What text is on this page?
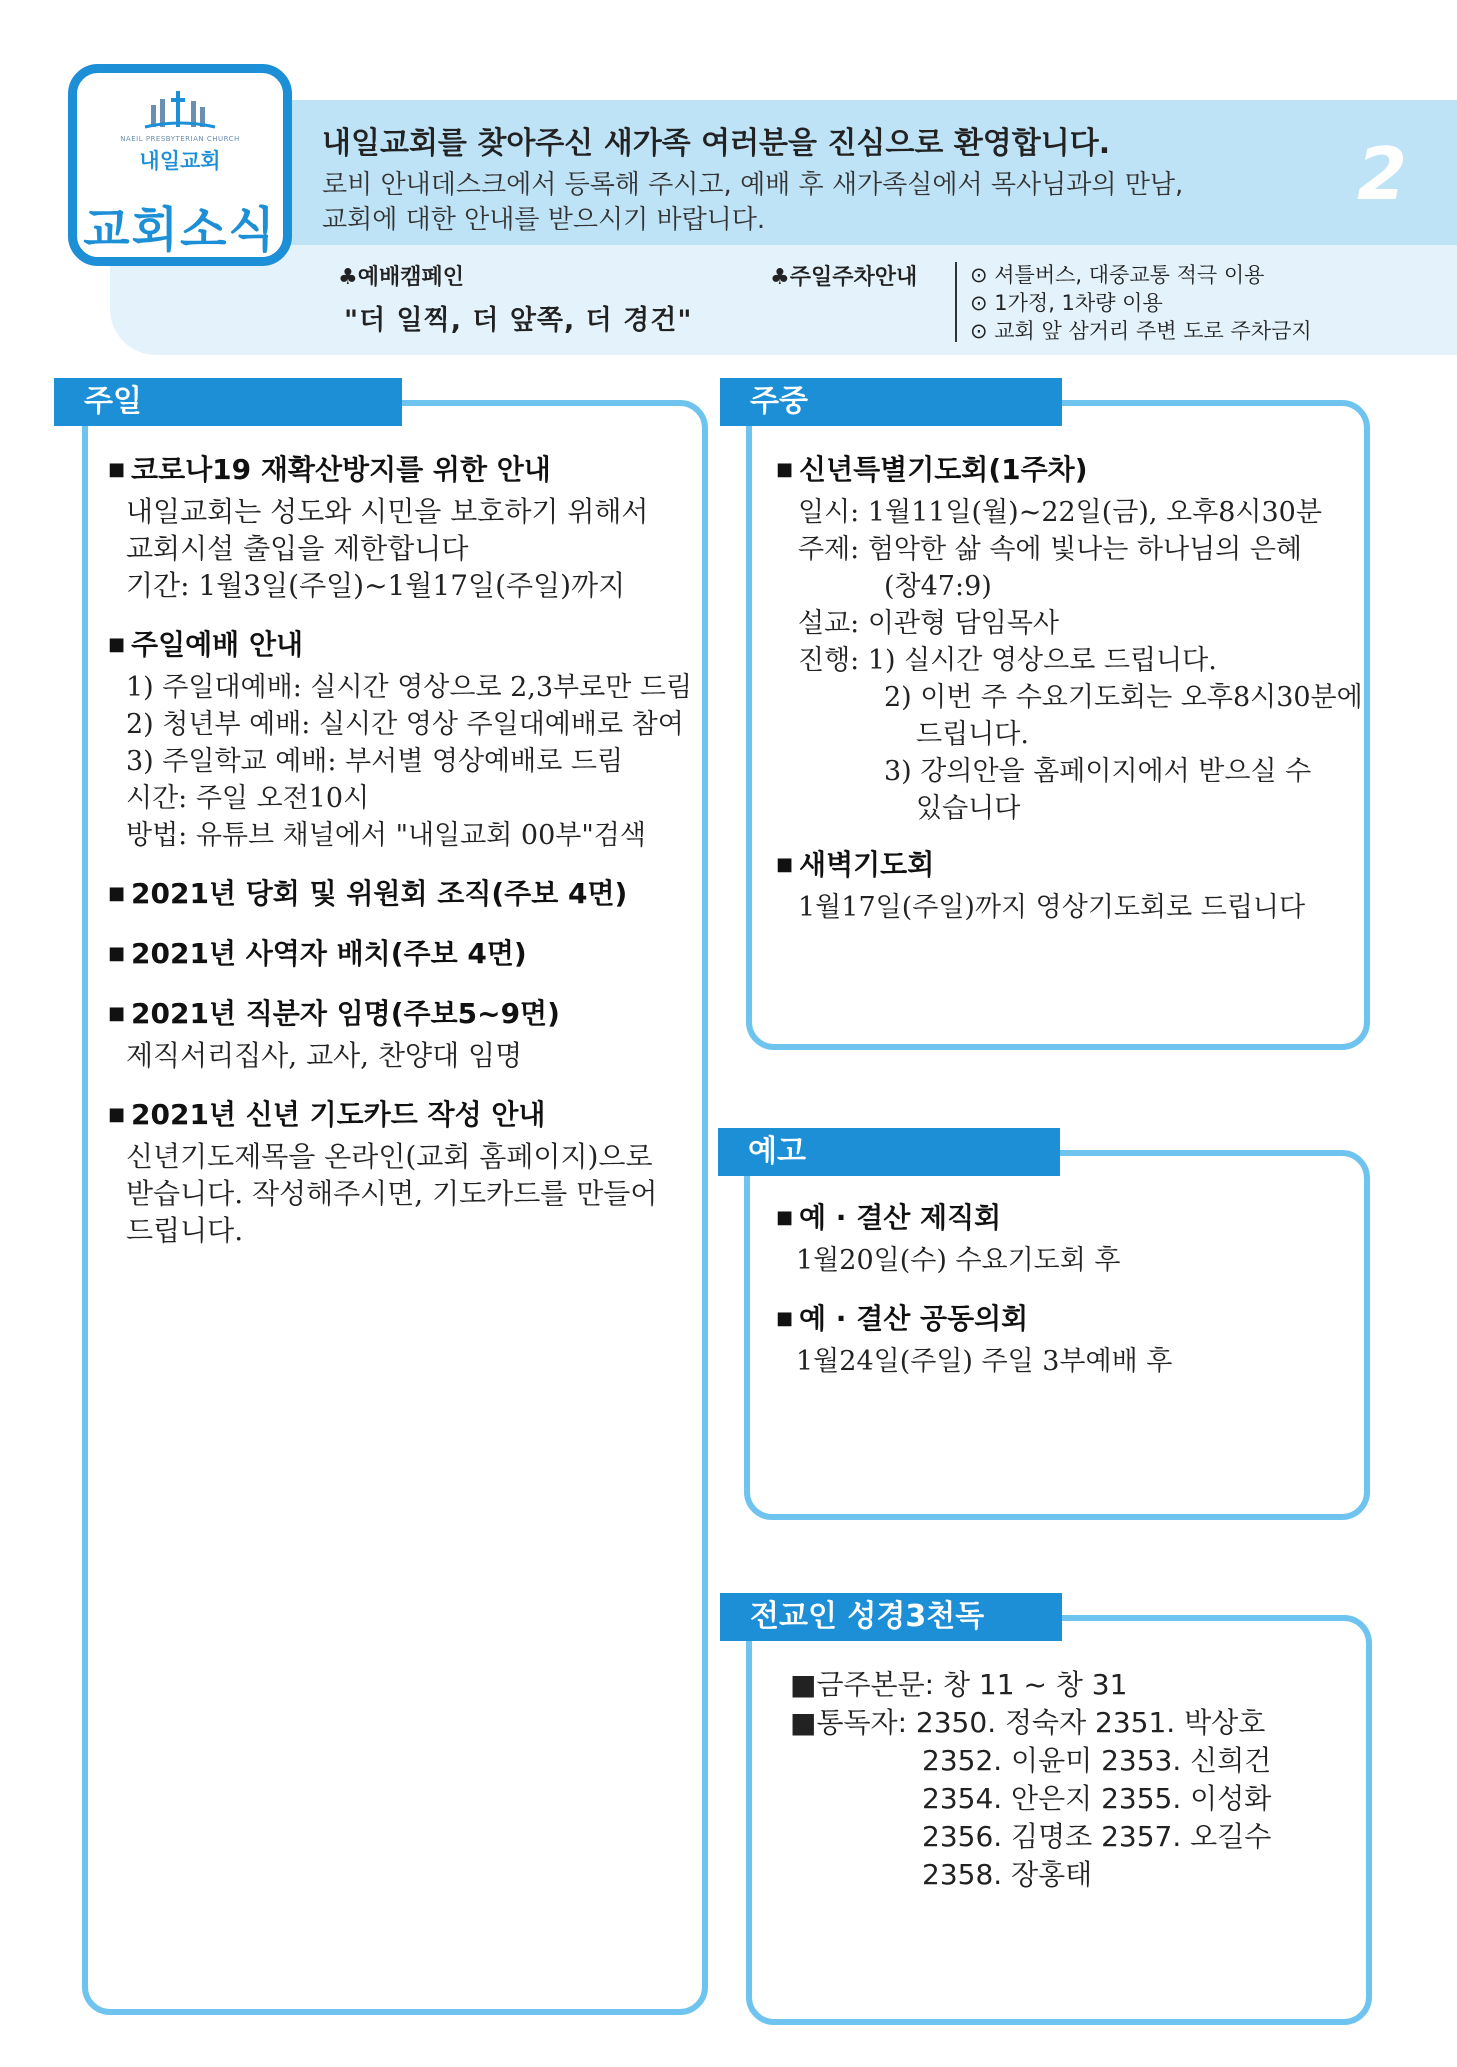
NAEIL PRESBYTERIAN CHURCH
내일교회
교회소식
내일교회를 찾아주신 새가족 여러분을 진심으로 환영합니다.
로비 안내데스크에서 등록해 주시고, 예배 후 새가족실에서 목사님과의 만남,
교회에 대한 안내를 받으시기 바랍니다.
2
♣예배캠페인
"더 일찍, 더 앞쪽, 더 경건"
♣주일주차안내	⊙ 셔틀버스, 대중교통 적극 이용
⊙ 1가정, 1차량 이용
⊙ 교회 앞 삼거리 주변 도로 주차금지
주일
■ 코로나19 재확산방지를 위한 안내
내일교회는 성도와 시민을 보호하기 위해서
교회시설 출입을 제한합니다
기간: 1월3일(주일)~1월17일(주일)까지
■ 주일예배 안내
1) 주일대예배: 실시간 영상으로 2,3부로만 드림
2) 청년부 예배: 실시간 영상 주일대예배로 참여
3) 주일학교 예배: 부서별 영상예배로 드림
시간: 주일 오전10시
방법: 유튜브 채널에서 "내일교회 00부"검색
■ 2021년 당회 및 위원회 조직(주보 4면)
■ 2021년 사역자 배치(주보 4면)
■ 2021년 직분자 임명(주보5~9면)
제직서리집사, 교사, 찬양대 임명
■ 2021년 신년 기도카드 작성 안내
신년기도제목을 온라인(교회 홈페이지)으로
받습니다. 작성해주시면, 기도카드를 만들어
드립니다.
주중
■ 신년특별기도회(1주차)
일시: 1월11일(월)~22일(금), 오후8시30분
주제: 험악한 삶 속에 빛나는 하나님의 은혜
(창47:9)
설교: 이관형 담임목사
진행: 1) 실시간 영상으로 드립니다.
2) 이번 주 수요기도회는 오후8시30분에
드립니다.
3) 강의안을 홈페이지에서 받으실 수
있습니다
■ 새벽기도회
1월17일(주일)까지 영상기도회로 드립니다
예고
■ 예 · 결산 제직회
1월20일(수) 수요기도회 후
■ 예 · 결산 공동의회
1월24일(주일) 주일 3부예배 후
전교인 성경3천독
■금주본문: 창 11 ~ 창 31
■통독자: 2350. 정숙자 2351. 박상호
2352. 이윤미 2353. 신희건
2354. 안은지 2355. 이성화
2356. 김명조 2357. 오길수
2358. 장홍태
